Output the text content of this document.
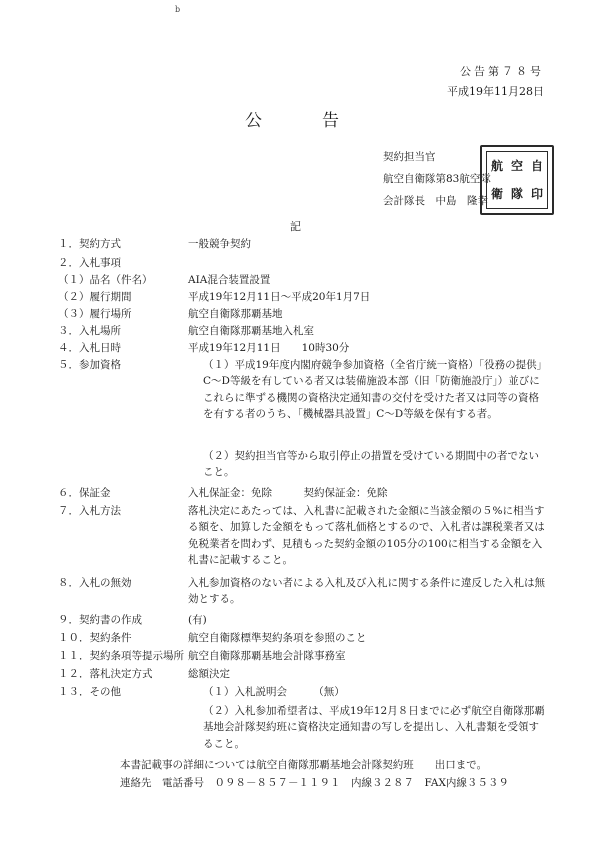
b
公告第７８号
平成19年11月28日
公告
契約担当官
航空自衛隊第83航空隊
会計隊長　中島　隆幸
航 空 自
衛 隊 印
記
１．契約方式	一般競争契約
２．入札事項
（１）品名（件名）	AIA混合装置設置
（２）履行期間	平成19年12月11日～平成20年1月7日
（３）履行場所	航空自衛隊那覇基地
３．入札場所	航空自衛隊那覇基地入札室
４．入札日時	平成19年12月11日　　10時30分
５．参加資格	（１）平成19年度内閣府競争参加資格（全省庁統一資格）「役務の提供」C～D等級を有している者又は装備施設本部（旧「防衛施設庁」）並びにこれらに準ずる機関の資格決定通知書の交付を受けた者又は同等の資格を有する者のうち、「機械器具設置」C～D等級を保有する者。
（２）契約担当官等から取引停止の措置を受けている期間中の者でないこと。
６．保証金	入札保証金：免除　　　契約保証金：免除
７．入札方法	落札決定にあたっては、入札書に記載された金額に当該金額の５%に相当する額を、加算した金額をもって落札価格とするので、入札者は課税業者又は免税業者を問わず、見積もった契約金額の105分の100に相当する金額を入札書に記載すること。
８．入札の無効	入札参加資格のない者による入札及び入札に関する条件に違反した入札は無効とする。
９．契約書の作成	(有)
１０．契約条件	航空自衛隊標準契約条項を参照のこと
１１．契約条項等提示場所 航空自衛隊那覇基地会計隊事務室
１２．落札決定方式	総額決定
１３．その他	（１）入札説明会　　　（無）
（２）入札参加希望者は、平成19年12月８日までに必ず航空自衛隊那覇基地会計隊契約班に資格決定通知書の写しを提出し、入札書類を受領すること。
本書記載事の詳細については航空自衛隊那覇基地会計隊契約班　　出口まで。
連絡先　電話番号　０９８－８５７－１１９１　内線３２８７　FAX内線３５３９
